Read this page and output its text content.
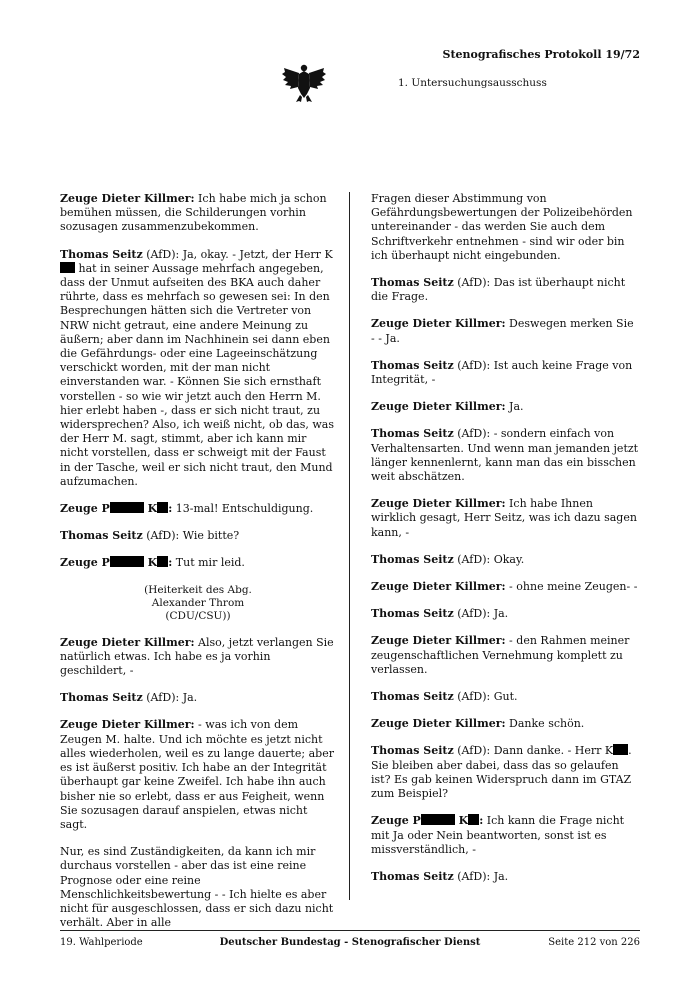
Stenografisches Protokoll 19/72
1. Untersuchungsausschuss

Zeuge Dieter Killmer: Ich habe mich ja schon bemühen müssen, die Schilderungen vorhin sozusagen zusammenzubekommen.

Thomas Seitz (AfD): Ja, okay. - Jetzt, der Herr K hat in seiner Aussage mehrfach angegeben, dass der Unmut aufseiten des BKA auch daher rührte, dass es mehrfach so gewesen sei: In den Besprechungen hätten sich die Vertreter von NRW nicht getraut, eine andere Meinung zu äußern; aber dann im Nachhinein sei dann eben die Gefährdungs- oder eine Lageeinschätzung verschickt worden, mit der man nicht einverstanden war. - Können Sie sich ernsthaft vorstellen - so wie wir jetzt auch den Herrn M. hier erlebt haben -, dass er sich nicht traut, zu widersprechen? Also, ich weiß nicht, ob das, was der Herr M. sagt, stimmt, aber ich kann mir nicht vorstellen, dass er schweigt mit der Faust in der Tasche, weil er sich nicht traut, den Mund aufzumachen.

Zeuge P	K : 13-mal! Entschuldigung.

Thomas Seitz (AfD): Wie bitte?

Zeuge P	K : Tut mir leid.

(Heiterkeit des Abg.
Alexander Throm
(CDU/CSU))

Zeuge Dieter Killmer: Also, jetzt verlangen Sie natürlich etwas. Ich habe es ja vorhin geschildert, -

Thomas Seitz (AfD): Ja.

Zeuge Dieter Killmer: - was ich von dem Zeugen M. halte. Und ich möchte es jetzt nicht alles wiederholen, weil es zu lange dauerte; aber es ist äußerst positiv. Ich habe an der Integrität überhaupt gar keine Zweifel. Ich habe ihn auch bisher nie so erlebt, dass er aus Feigheit, wenn Sie sozusagen darauf anspielen, etwas nicht sagt.

Nur, es sind Zuständigkeiten, da kann ich mir durchaus vorstellen - aber das ist eine reine Prognose oder eine reine Menschlichkeitsbewertung - - Ich hielte es aber nicht für ausgeschlossen, dass er sich dazu nicht verhält. Aber in alle

Fragen dieser Abstimmung von Gefährdungsbewertungen der Polizeibehörden untereinander - das werden Sie auch dem Schriftverkehr entnehmen - sind wir oder bin ich überhaupt nicht eingebunden.

Thomas Seitz (AfD): Das ist überhaupt nicht die Frage.

Zeuge Dieter Killmer: Deswegen merken Sie - - Ja.

Thomas Seitz (AfD): Ist auch keine Frage von Integrität, -

Zeuge Dieter Killmer: Ja.

Thomas Seitz (AfD): - sondern einfach von Verhaltensarten. Und wenn man jemanden jetzt länger kennenlernt, kann man das ein bisschen weit abschätzen.

Zeuge Dieter Killmer: Ich habe Ihnen wirklich gesagt, Herr Seitz, was ich dazu sagen kann, -

Thomas Seitz (AfD): Okay.

Zeuge Dieter Killmer: - ohne meine Zeugen- -

Thomas Seitz (AfD): Ja.

Zeuge Dieter Killmer: - den Rahmen meiner zeugenschaftlichen Vernehmung komplett zu verlassen.

Thomas Seitz (AfD): Gut.

Zeuge Dieter Killmer: Danke schön.

Thomas Seitz (AfD): Dann danke. - Herr K . Sie bleiben aber dabei, dass das so gelaufen ist? Es gab keinen Widerspruch dann im GTAZ zum Beispiel?

Zeuge P	K : Ich kann die Frage nicht mit Ja oder Nein beantworten, sonst ist es missverständlich, -

Thomas Seitz (AfD): Ja.

Deutscher Bundestag - Stenografischer Dienst
19. Wahlperiode	Seite 212 von 226
